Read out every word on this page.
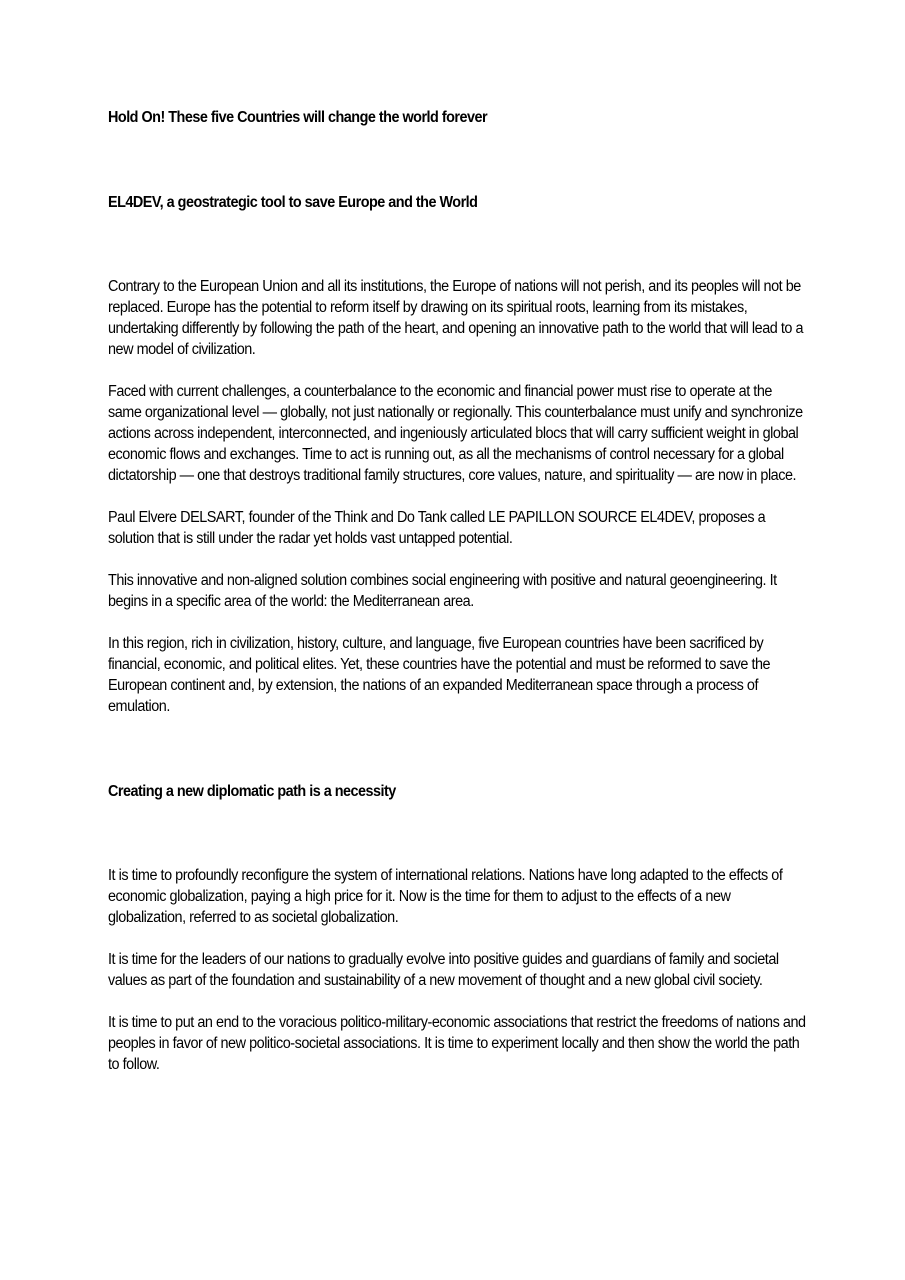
Hold On! These five Countries will change the world forever
EL4DEV, a geostrategic tool to save Europe and the World

Contrary to the European Union and all its institutions, the Europe of nations will not perish, and its peoples will not be replaced. Europe has the potential to reform itself by drawing on its spiritual roots, learning from its mistakes, undertaking differently by following the path of the heart, and opening an innovative path to the world that will lead to a new model of civilization.

Faced with current challenges, a counterbalance to the economic and financial power must rise to operate at the same organizational level — globally, not just nationally or regionally. This counterbalance must unify and synchronize actions across independent, interconnected, and ingeniously articulated blocs that will carry sufficient weight in global economic flows and exchanges. Time to act is running out, as all the mechanisms of control necessary for a global dictatorship — one that destroys traditional family structures, core values, nature, and spirituality — are now in place.

Paul Elvere DELSART, founder of the Think and Do Tank called LE PAPILLON SOURCE EL4DEV, proposes a solution that is still under the radar yet holds vast untapped potential.

This innovative and non-aligned solution combines social engineering with positive and natural geoengineering. It begins in a specific area of the world: the Mediterranean area.

In this region, rich in civilization, history, culture, and language, five European countries have been sacrificed by financial, economic, and political elites. Yet, these countries have the potential and must be reformed to save the European continent and, by extension, the nations of an expanded Mediterranean space through a process of emulation.

Creating a new diplomatic path is a necessity

It is time to profoundly reconfigure the system of international relations. Nations have long adapted to the effects of economic globalization, paying a high price for it. Now is the time for them to adjust to the effects of a new globalization, referred to as societal globalization.

It is time for the leaders of our nations to gradually evolve into positive guides and guardians of family and societal values as part of the foundation and sustainability of a new movement of thought and a new global civil society.

It is time to put an end to the voracious politico-military-economic associations that restrict the freedoms of nations and peoples in favor of new politico-societal associations. It is time to experiment locally and then show the world the path to follow.
